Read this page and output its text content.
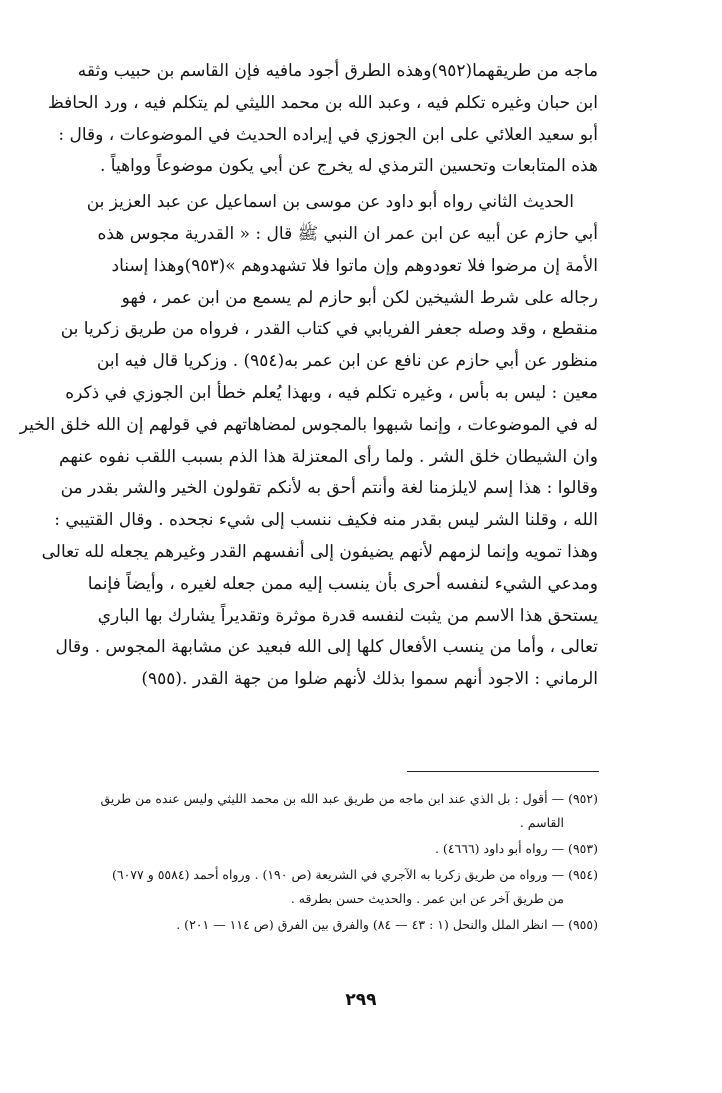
ماجه من طريقهما(٩٥٢)وهذه الطرق أجود مافيه فإن القاسم بن حبيب وثقه
ابن حبان وغيره تكلم فيه ، وعبد الله بن محمد الليثي لم يتكلم فيه ، ورد الحافظ
أبو سعيد العلائي على ابن الجوزي في إيراده الحديث في الموضوعات ، وقال :
هذه المتابعات وتحسين الترمذي له يخرج عن أبي يكون موضوعاً وواهياً .
الحديث الثاني رواه أبو داود عن موسى بن اسماعيل عن عبد العزيز بن
أبي حازم عن أبيه عن ابن عمر ان النبي ﷺ قال : « القدرية مجوس هذه
الأمة إن مرضوا فلا تعودوهم وإن ماتوا فلا تشهدوهم »(٩٥٣)وهذا إسناد
رجاله على شرط الشيخين لكن أبو حازم لم يسمع من ابن عمر ، فهو
منقطع ، وقد وصله جعفر الفريابي في كتاب القدر ، فرواه من طريق زكريا بن
منظور عن أبي حازم عن نافع عن ابن عمر به(٩٥٤) . وزكريا قال فيه ابن
معين : ليس به بأس ، وغيره تكلم فيه ، وبهذا يُعلم خطأ ابن الجوزي في ذكره
له في الموضوعات ، وإنما شبهوا بالمجوس لمضاهاتهم في قولهم إن الله خلق الخير
وان الشيطان خلق الشر . ولما رأى المعتزلة هذا الذم بسبب اللقب نفوه عنهم
وقالوا : هذا إسم لايلزمنا لغة وأنتم أحق به لأنكم تقولون الخير والشر بقدر من
الله ، وقلنا الشر ليس بقدر منه فكيف ننسب إلى شيء نجحده . وقال القتيبي :
وهذا تمويه وإنما لزمهم لأنهم يضيفون إلى أنفسهم القدر وغيرهم يجعله لله تعالى
ومدعي الشيء لنفسه أحرى بأن ينسب إليه ممن جعله لغيره ، وأيضاً فإنما
يستحق هذا الاسم من يثبت لنفسه قدرة موثرة وتقديراً يشارك بها الباري
تعالى ، وأما من ينسب الأفعال كلها إلى الله فبعيد عن مشابهة المجوس . وقال
الرماني : الاجود أنهم سموا بذلك لأنهم ضلوا من جهة القدر .(٩٥٥)
(٩٥٢) — أقول : بل الذي عند ابن ماجه من طريق عبد الله بن محمد الليثي وليس عنده من طريق
القاسم .
(٩٥٣) — رواه أبو داود (٤٦٦٦) .
(٩٥٤) — ورواه من طريق زكريا به الآجري في الشريعة (ص ١٩٠) . ورواه أحمد (٥٥٨٤ و ٦٠٧٧)
من طريق آخر عن ابن عمر . والحديث حسن بطرقه .
(٩٥٥) — انظر الملل والنحل (١ : ٤٣ — ٨٤) والفرق بين الفرق (ص ١١٤ — ٢٠١) .
٢٩٩
